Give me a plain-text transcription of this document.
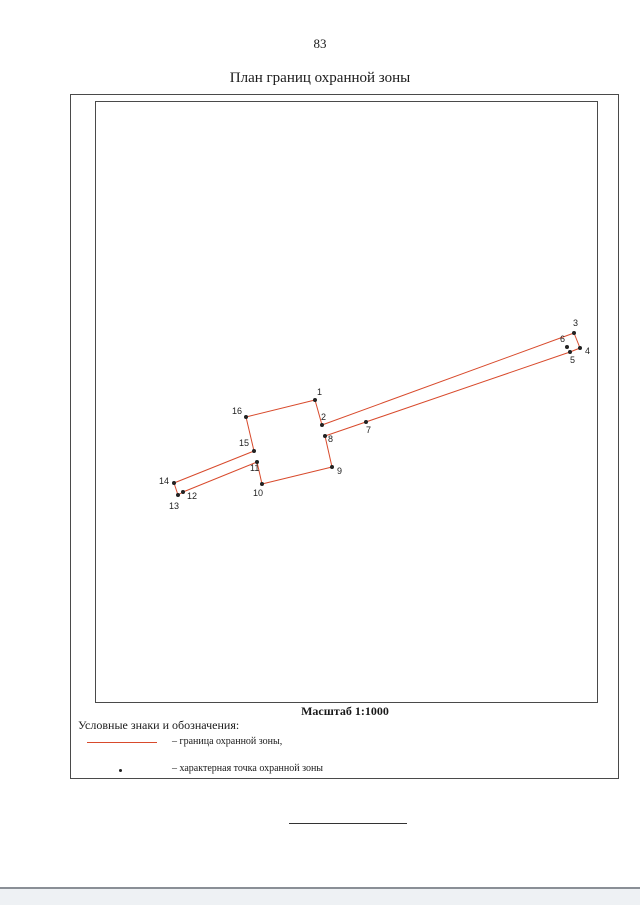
83
План границ охранной зоны
1
2
3
4
5
6
7
8
9
10
11
12
13
14
15
16
Масштаб 1:1000
Условные знаки и обозначения:
– граница охранной зоны,
– характерная точка охранной зоны
